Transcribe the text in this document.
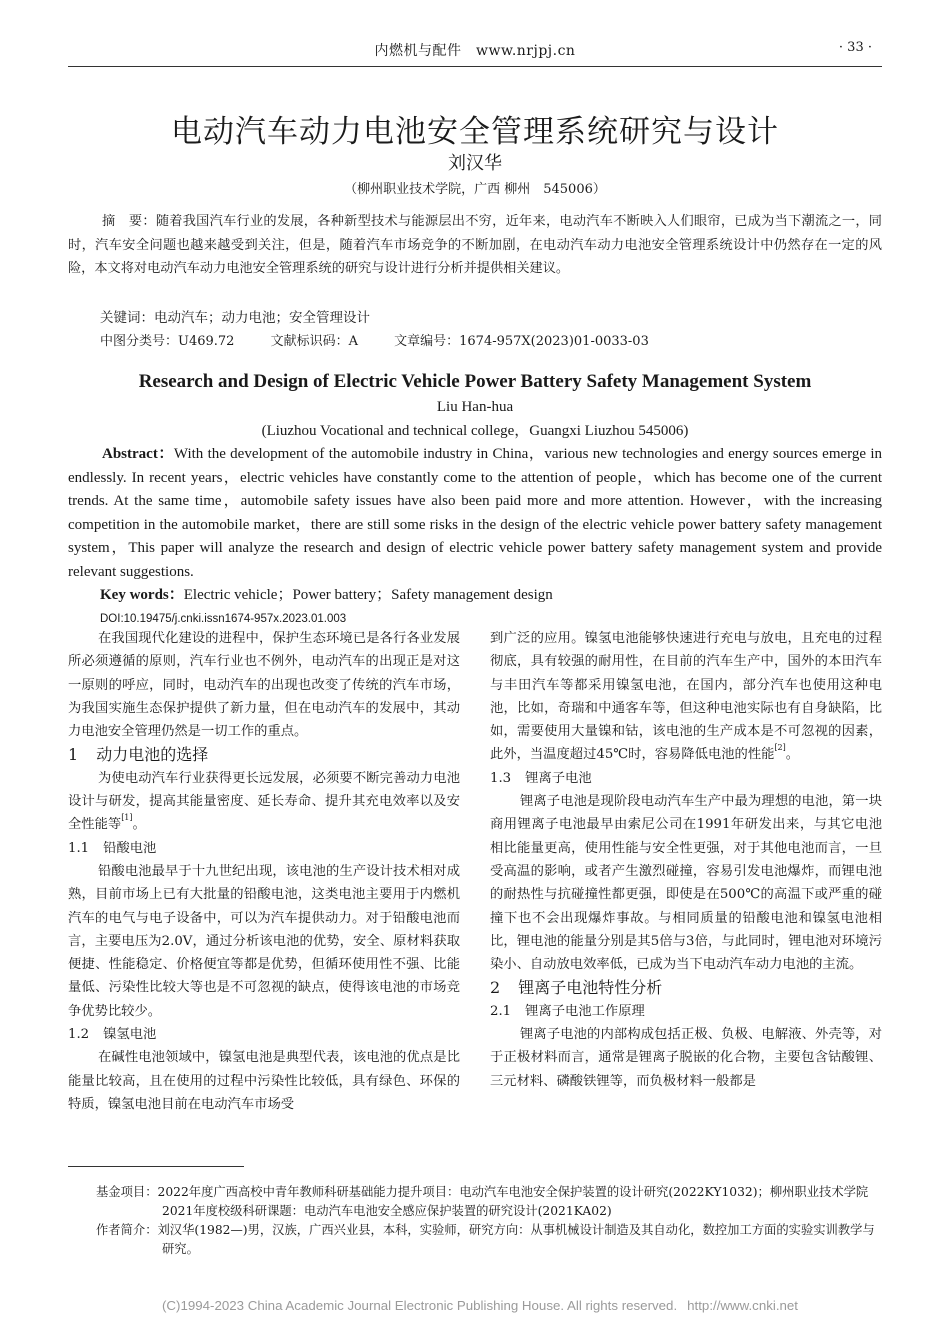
内燃机与配件　www.nrjpj.cn	· 33 ·
电动汽车动力电池安全管理系统研究与设计
刘汉华
（柳州职业技术学院，广西 柳州　545006）
摘　要：随着我国汽车行业的发展，各种新型技术与能源层出不穷，近年来，电动汽车不断映入人们眼帘，已成为当下潮流之一，同时，汽车安全问题也越来越受到关注，但是，随着汽车市场竞争的不断加剧，在电动汽车动力电池安全管理系统设计中仍然存在一定的风险，本文将对电动汽车动力电池安全管理系统的研究与设计进行分析并提供相关建议。
关键词：电动汽车；动力电池；安全管理设计
中图分类号：U469.72	文献标识码：A	文章编号：1674-957X(2023)01-0033-03
Research and Design of Electric Vehicle Power Battery Safety Management System
Liu Han-hua
(Liuzhou Vocational and technical college，Guangxi Liuzhou 545006)
Abstract：With the development of the automobile industry in China，various new technologies and energy sources emerge in endlessly. In recent years，electric vehicles have constantly come to the attention of people，which has become one of the current trends. At the same time，automobile safety issues have also been paid more and more attention. However，with the increasing competition in the automobile market，there are still some risks in the design of the electric vehicle power battery safety management system，This paper will analyze the research and design of electric vehicle power battery safety management system and provide relevant suggestions.
Key words：Electric vehicle；Power battery；Safety management design
DOI:10.19475/j.cnki.issn1674-957x.2023.01.003

在我国现代化建设的进程中，保护生态环境已是各行各业发展所必须遵循的原则，汽车行业也不例外，电动汽车的出现正是对这一原则的呼应，同时，电动汽车的出现也改变了传统的汽车市场，为我国实施生态保护提供了新力量，但在电动汽车的发展中，其动力电池安全管理仍然是一切工作的重点。

1 动力电池的选择

为使电动汽车行业获得更长远发展，必须要不断完善动力电池设计与研发，提高其能量密度、延长寿命、提升其充电效率以及安全性能等[1]。

1.1 铅酸电池

铅酸电池最早于十九世纪出现，该电池的生产设计技术相对成熟，目前市场上已有大批量的铅酸电池，这类电池主要用于内燃机汽车的电气与电子设备中，可以为汽车提供动力。对于铅酸电池而言，主要电压为2.0V，通过分析该电池的优势，安全、原材料获取便捷、性能稳定、价格便宜等都是优势，但循环使用性不强、比能量低、污染性比较大等也是不可忽视的缺点，使得该电池的市场竞争优势比较少。

1.2 镍氢电池

在碱性电池领域中，镍氢电池是典型代表，该电池的优点是比能量比较高，且在使用的过程中污染性比较低，具有绿色、环保的特质，镍氢电池目前在电动汽车市场受

到广泛的应用。镍氢电池能够快速进行充电与放电，且充电的过程彻底，具有较强的耐用性，在目前的汽车生产中，国外的本田汽车与丰田汽车等都采用镍氢电池，在国内，部分汽车也使用这种电池，比如，奇瑞和中通客车等，但这种电池实际也有自身缺陷，比如，需要使用大量镍和钴，该电池的生产成本是不可忽视的因素，此外，当温度超过45℃时，容易降低电池的性能[2]。

1.3 锂离子电池

锂离子电池是现阶段电动汽车生产中最为理想的电池，第一块商用锂离子电池最早由索尼公司在1991年研发出来，与其它电池相比能量更高，使用性能与安全性更强，对于其他电池而言，一旦受高温的影响，或者产生激烈碰撞，容易引发电池爆炸，而锂电池的耐热性与抗碰撞性都更强，即使是在500℃的高温下或严重的碰撞下也不会出现爆炸事故。与相同质量的铅酸电池和镍氢电池相比，锂电池的能量分别是其5倍与3倍，与此同时，锂电池对环境污染小、自动放电效率低，已成为当下电动汽车动力电池的主流。

2 锂离子电池特性分析
2.1 锂离子电池工作原理

锂离子电池的内部构成包括正极、负极、电解液、外壳等，对于正极材料而言，通常是锂离子脱嵌的化合物，主要包含钴酸锂、三元材料、磷酸铁锂等，而负极材料一般都是

基金项目：2022年度广西高校中青年教师科研基础能力提升项目：电动汽车电池安全保护装置的设计研究(2022KY1032)；柳州职业技术学院2021年度校级科研课题：电动汽车电池安全感应保护装置的研究设计(2021KA02)

作者简介：刘汉华(1982—)男，汉族，广西兴业县，本科，实验师，研究方向：从事机械设计制造及其自动化，数控加工方面的实验实训教学与研究。

(C)1994-2023 China Academic Journal Electronic Publishing House. All rights reserved. http://www.cnki.net
